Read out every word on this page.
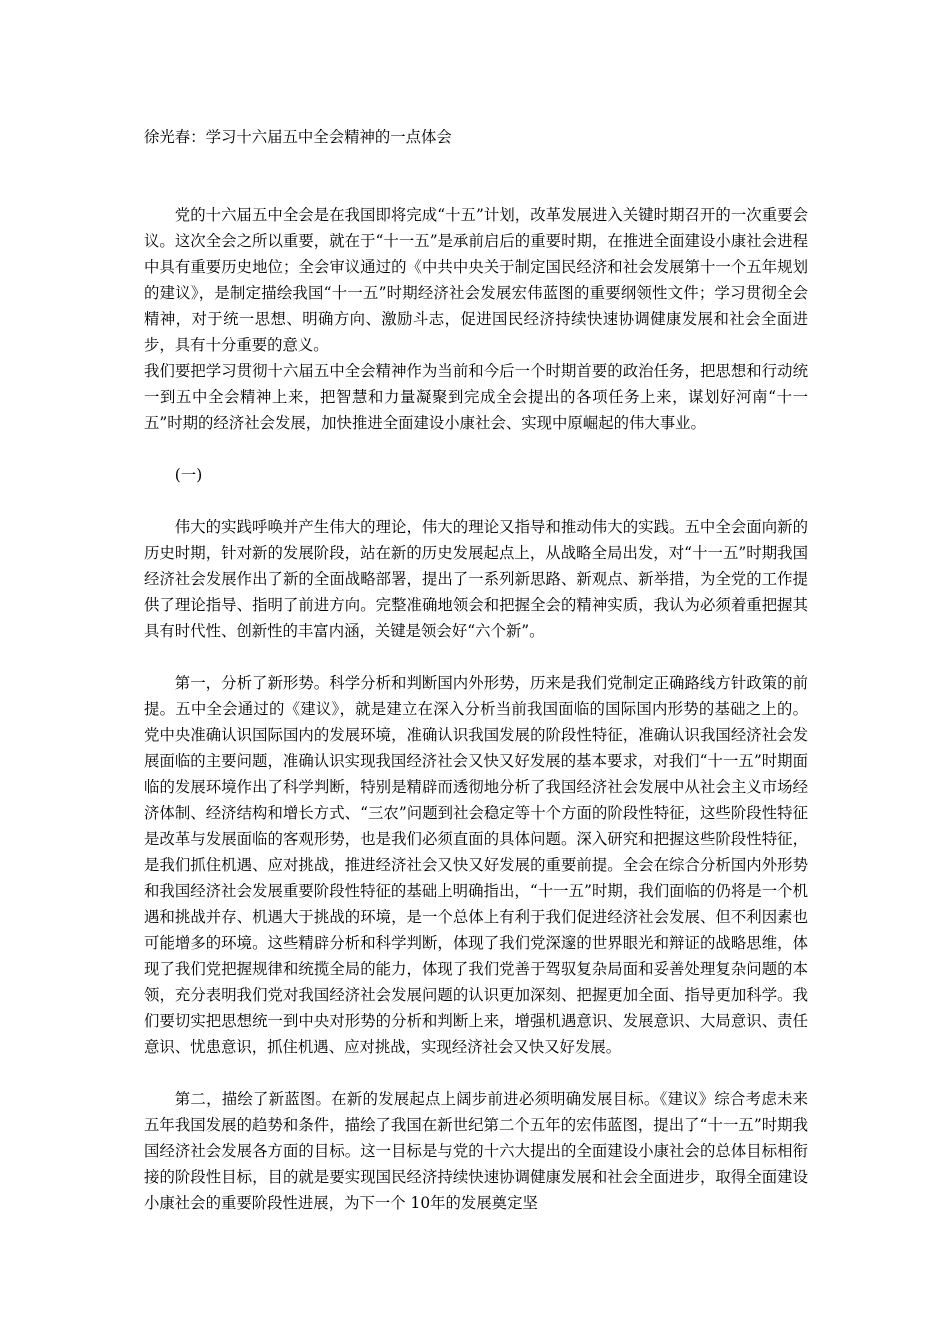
徐光春：学习十六届五中全会精神的一点体会

党的十六届五中全会是在我国即将完成“十五”计划，改革发展进入关键时期召开的一次重要会议。这次全会之所以重要，就在于“十一五”是承前启后的重要时期，在推进全面建设小康社会进程中具有重要历史地位；全会审议通过的《中共中央关于制定国民经济和社会发展第十一个五年规划的建议》，是制定描绘我国“十一五”时期经济社会发展宏伟蓝图的重要纲领性文件；学习贯彻全会精神，对于统一思想、明确方向、激励斗志，促进国民经济持续快速协调健康发展和社会全面进步，具有十分重要的意义。

我们要把学习贯彻十六届五中全会精神作为当前和今后一个时期首要的政治任务，把思想和行动统一到五中全会精神上来，把智慧和力量凝聚到完成全会提出的各项任务上来，谋划好河南“十一五”时期的经济社会发展，加快推进全面建设小康社会、实现中原崛起的伟大事业。

(一)

伟大的实践呼唤并产生伟大的理论，伟大的理论又指导和推动伟大的实践。五中全会面向新的历史时期，针对新的发展阶段，站在新的历史发展起点上，从战略全局出发，对“十一五”时期我国经济社会发展作出了新的全面战略部署，提出了一系列新思路、新观点、新举措，为全党的工作提供了理论指导、指明了前进方向。完整准确地领会和把握全会的精神实质，我认为必须着重把握其具有时代性、创新性的丰富内涵，关键是领会好“六个新”。

第一，分析了新形势。科学分析和判断国内外形势，历来是我们党制定正确路线方针政策的前提。五中全会通过的《建议》，就是建立在深入分析当前我国面临的国际国内形势的基础之上的。党中央准确认识国际国内的发展环境，准确认识我国发展的阶段性特征，准确认识我国经济社会发展面临的主要问题，准确认识实现我国经济社会又快又好发展的基本要求，对我们“十一五”时期面临的发展环境作出了科学判断，特别是精辟而透彻地分析了我国经济社会发展中从社会主义市场经济体制、经济结构和增长方式、“三农”问题到社会稳定等十个方面的阶段性特征，这些阶段性特征是改革与发展面临的客观形势，也是我们必须直面的具体问题。深入研究和把握这些阶段性特征，是我们抓住机遇、应对挑战，推进经济社会又快又好发展的重要前提。全会在综合分析国内外形势和我国经济社会发展重要阶段性特征的基础上明确指出，“十一五”时期，我们面临的仍将是一个机遇和挑战并存、机遇大于挑战的环境，是一个总体上有利于我们促进经济社会发展、但不利因素也可能增多的环境。这些精辟分析和科学判断，体现了我们党深邃的世界眼光和辩证的战略思维，体现了我们党把握规律和统揽全局的能力，体现了我们党善于驾驭复杂局面和妥善处理复杂问题的本领，充分表明我们党对我国经济社会发展问题的认识更加深刻、把握更加全面、指导更加科学。我们要切实把思想统一到中央对形势的分析和判断上来，增强机遇意识、发展意识、大局意识、责任意识、忧患意识，抓住机遇、应对挑战，实现经济社会又快又好发展。

第二，描绘了新蓝图。在新的发展起点上阔步前进必须明确发展目标。《建议》综合考虑未来五年我国发展的趋势和条件，描绘了我国在新世纪第二个五年的宏伟蓝图，提出了“十一五”时期我国经济社会发展各方面的目标。这一目标是与党的十六大提出的全面建设小康社会的总体目标相衔接的阶段性目标，目的就是要实现国民经济持续快速协调健康发展和社会全面进步，取得全面建设小康社会的重要阶段性进展，为下一个 10年的发展奠定坚
